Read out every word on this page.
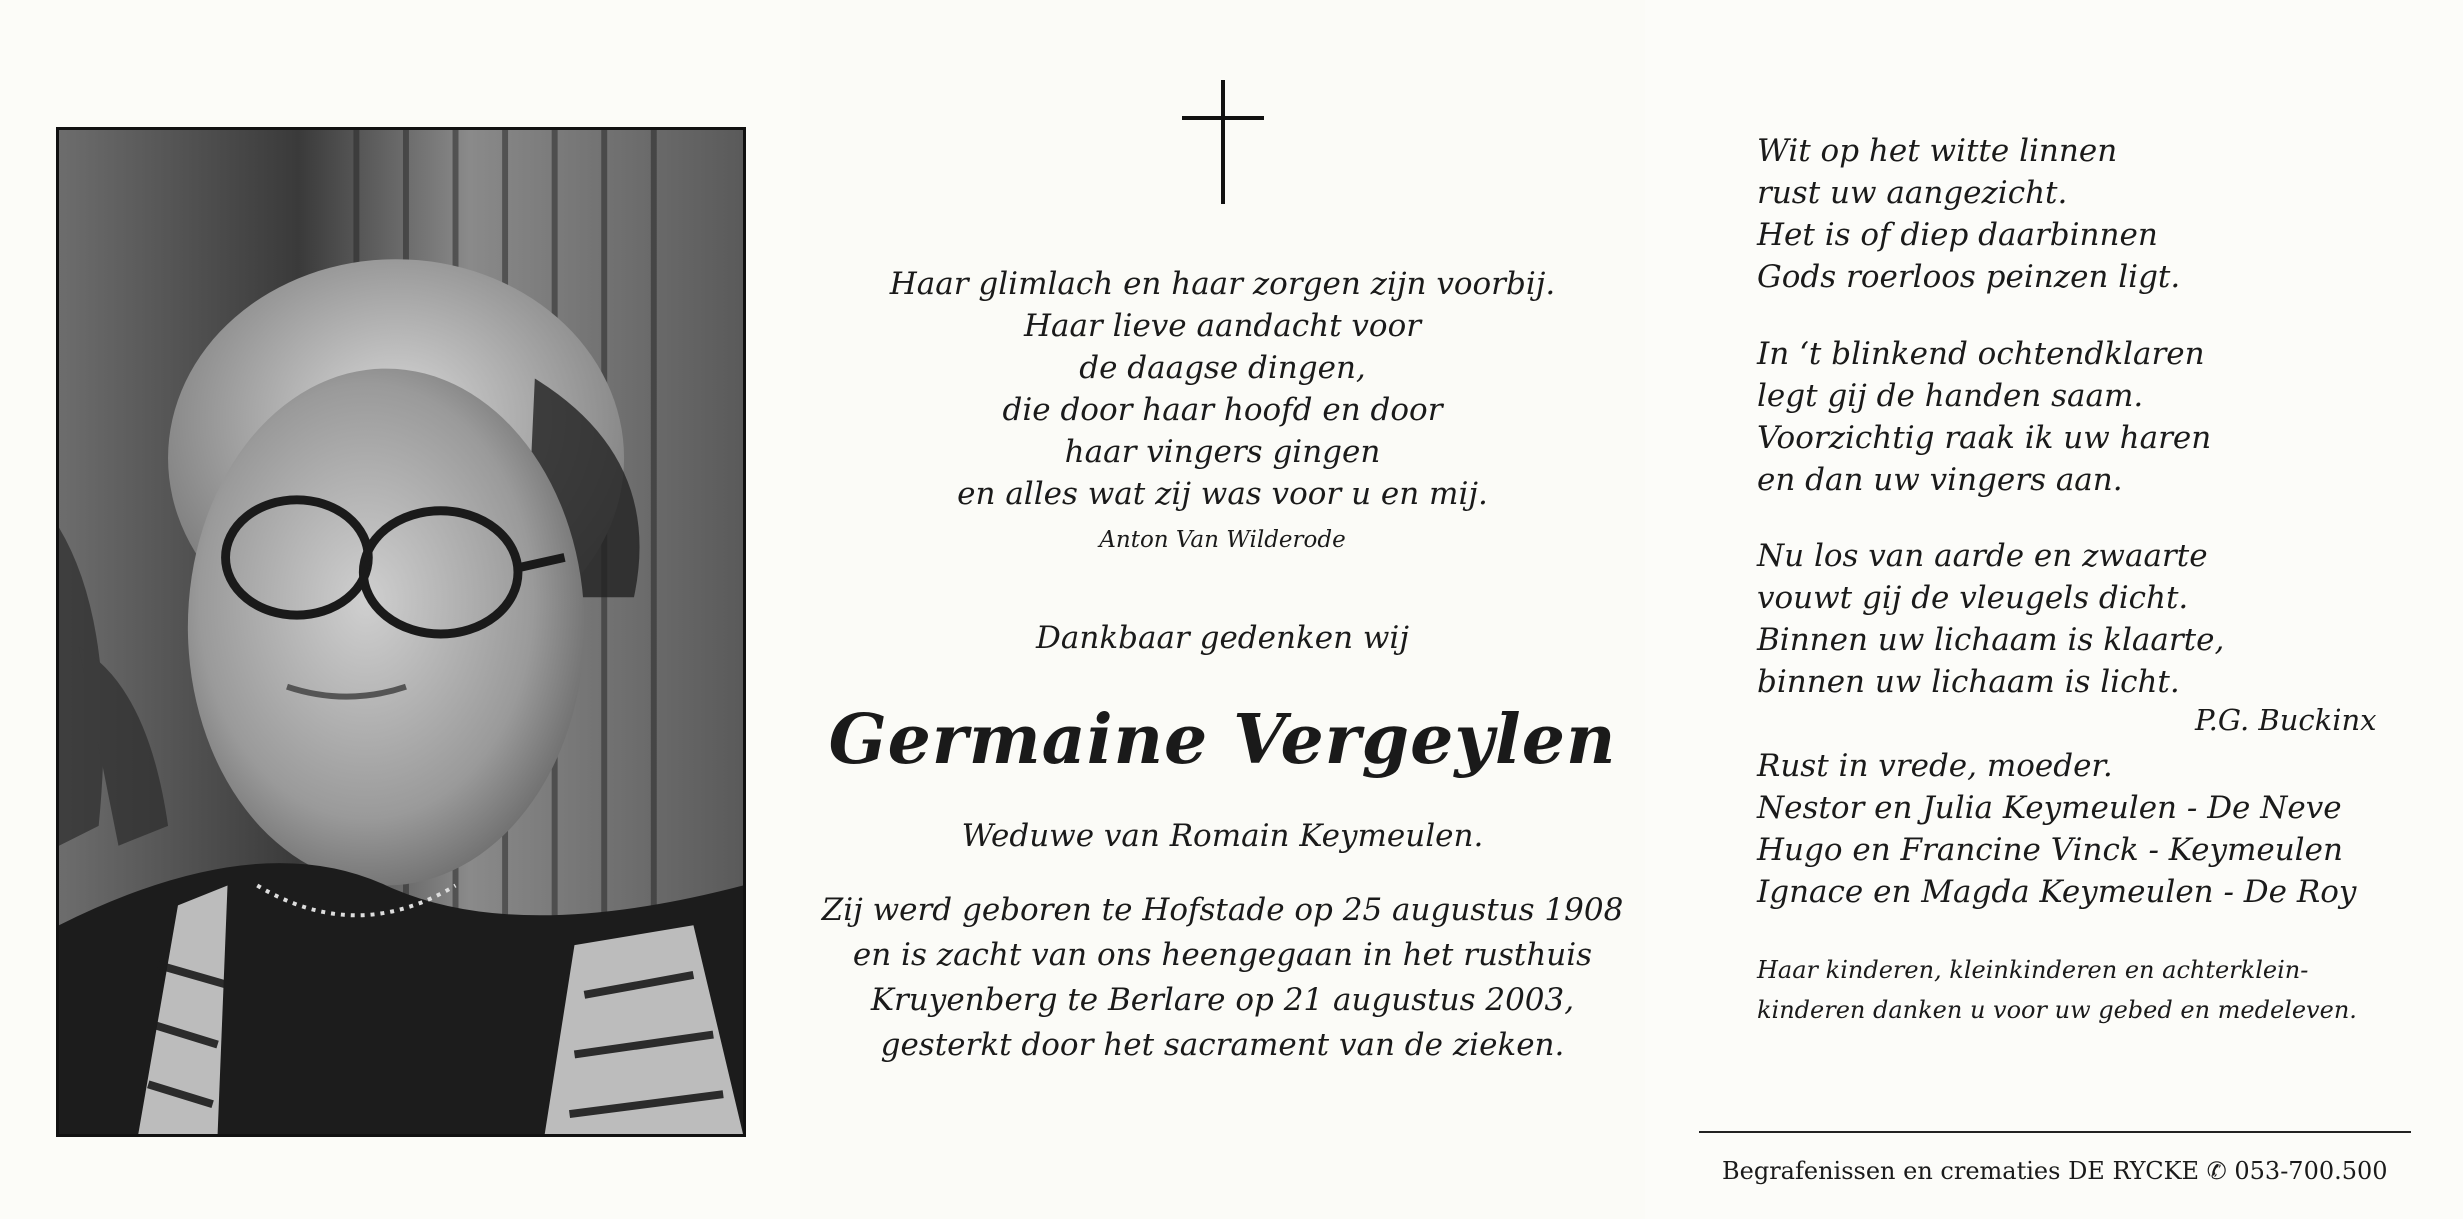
Haar glimlach en haar zorgen zijn voorbij.
Haar lieve aandacht voor
de daagse dingen,
die door haar hoofd en door
haar vingers gingen
en alles wat zij was voor u en mij.
Anton Van Wilderode
Dankbaar gedenken wij
Germaine Vergeylen
Weduwe van Romain Keymeulen.
Zij werd geboren te Hofstade op 25 augustus 1908
en is zacht van ons heengegaan in het rusthuis
Kruyenberg te Berlare op 21 augustus 2003,
gesterkt door het sacrament van de zieken.
Wit op het witte linnen
rust uw aangezicht.
Het is of diep daarbinnen
Gods roerloos peinzen ligt.
In ‘t blinkend ochtendklaren
legt gij de handen saam.
Voorzichtig raak ik uw haren
en dan uw vingers aan.
Nu los van aarde en zwaarte
vouwt gij de vleugels dicht.
Binnen uw lichaam is klaarte,
binnen uw lichaam is licht.
P.G. Buckinx
Rust in vrede, moeder.
Nestor en Julia Keymeulen - De Neve
Hugo en Francine Vinck - Keymeulen
Ignace en Magda Keymeulen - De Roy
Haar kinderen, kleinkinderen en achterklein-
kinderen danken u voor uw gebed en medeleven.
Begrafenissen en crematies DE RYCKE ✆ 053-700.500
